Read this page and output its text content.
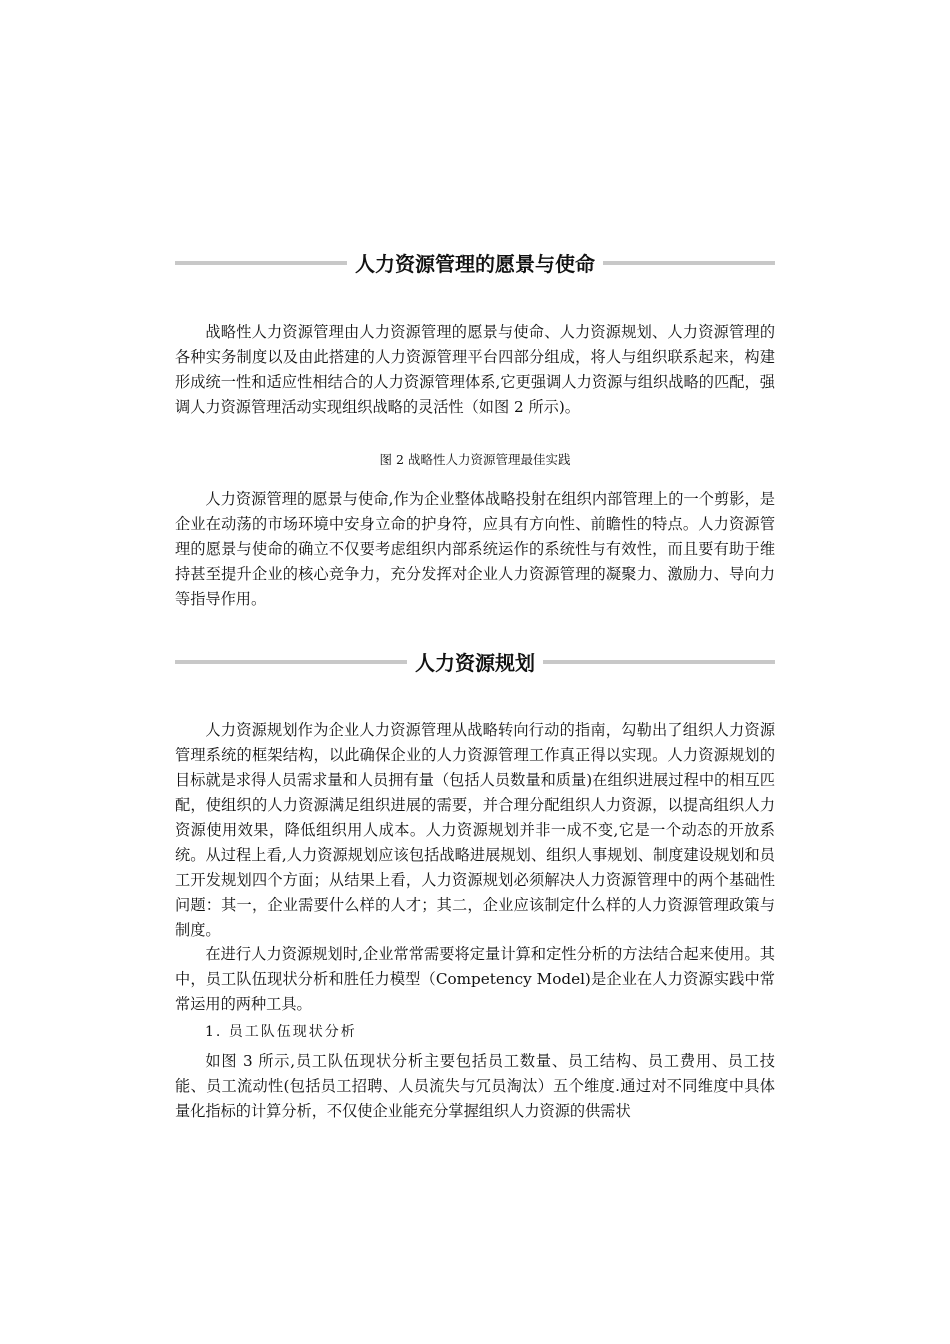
人力资源管理的愿景与使命

战略性人力资源管理由人力资源管理的愿景与使命、人力资源规划、人力资源管理的各种实务制度以及由此搭建的人力资源管理平台四部分组成，将人与组织联系起来，构建形成统一性和适应性相结合的人力资源管理体系,它更强调人力资源与组织战略的匹配，强调人力资源管理活动实现组织战略的灵活性（如图 2 所示)。

图 2 战略性人力资源管理最佳实践

人力资源管理的愿景与使命,作为企业整体战略投射在组织内部管理上的一个剪影，是企业在动荡的市场环境中安身立命的护身符，应具有方向性、前瞻性的特点。人力资源管理的愿景与使命的确立不仅要考虑组织内部系统运作的系统性与有效性，而且要有助于维持甚至提升企业的核心竞争力，充分发挥对企业人力资源管理的凝聚力、激励力、导向力等指导作用。

人力资源规划

人力资源规划作为企业人力资源管理从战略转向行动的指南，勾勒出了组织人力资源管理系统的框架结构，以此确保企业的人力资源管理工作真正得以实现。人力资源规划的目标就是求得人员需求量和人员拥有量（包括人员数量和质量)在组织进展过程中的相互匹配，使组织的人力资源满足组织进展的需要，并合理分配组织人力资源，以提高组织人力资源使用效果，降低组织用人成本。人力资源规划并非一成不变,它是一个动态的开放系统。从过程上看,人力资源规划应该包括战略进展规划、组织人事规划、制度建设规划和员工开发规划四个方面；从结果上看，人力资源规划必须解决人力资源管理中的两个基础性问题：其一，企业需要什么样的人才；其二，企业应该制定什么样的人力资源管理政策与制度。

在进行人力资源规划时,企业常常需要将定量计算和定性分析的方法结合起来使用。其中，员工队伍现状分析和胜任力模型（Competency Model)是企业在人力资源实践中常常运用的两种工具。

1. 员工队伍现状分析

如图 3 所示,员工队伍现状分析主要包括员工数量、员工结构、员工费用、员工技能、员工流动性(包括员工招聘、人员流失与冗员淘汰）五个维度.通过对不同维度中具体量化指标的计算分析，不仅使企业能充分掌握组织人力资源的供需状
